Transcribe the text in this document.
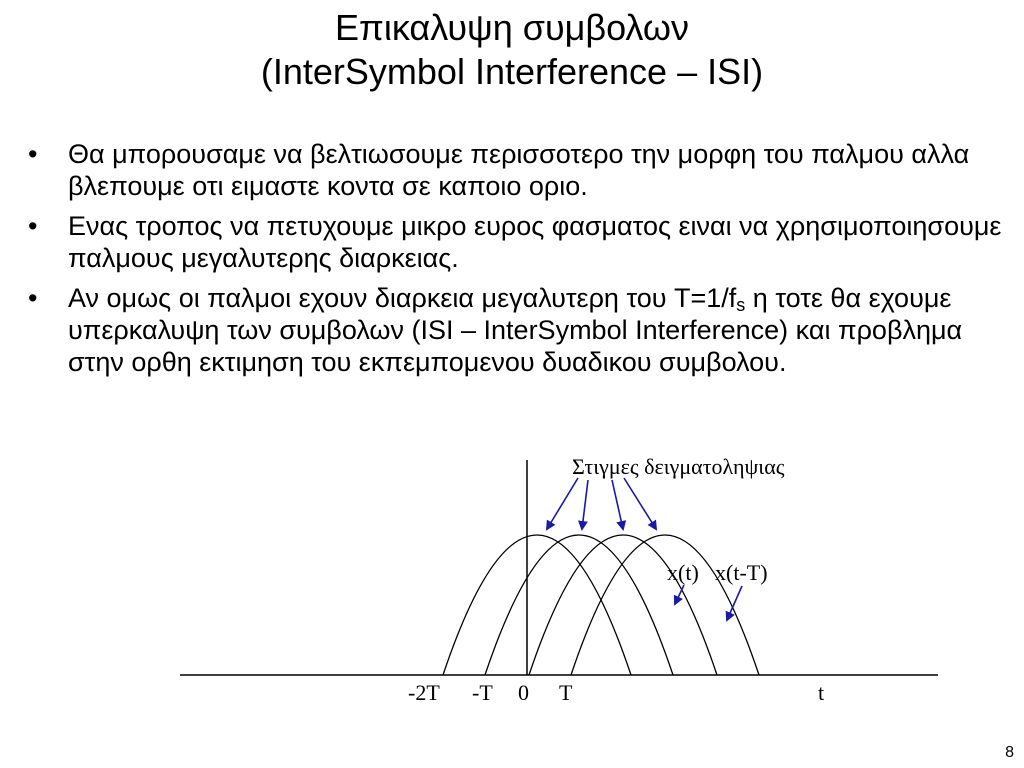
Επικαλυψη συμβολων
(InterSymbol Interference – ISI)
• Θα μπορουσαμε να βελτιωσουμε περισσοτερο την μορφη του παλμου αλλα βλεπουμε οτι ειμαστε κοντα σε καποιο οριο.
• Ενας τροπος να πετυχουμε μικρο ευρος φασματος ειναι να χρησιμοποιησουμε παλμους μεγαλυτερης διαρκειας.
• Αν ομως οι παλμοι εχουν διαρκεια μεγαλυτερη του $T=1/f_s$ η τοτε θα εχουμε υπερκαλυψη των συμβολων (ISI – InterSymbol Interference) και προβλημα στην ορθη εκτιμηση του εκπεμπομενου δυαδικου συμβολου.
Στιγμες δειγματοληψιας
x(t) x(t-T)
-2T -T 0 T	t
8
